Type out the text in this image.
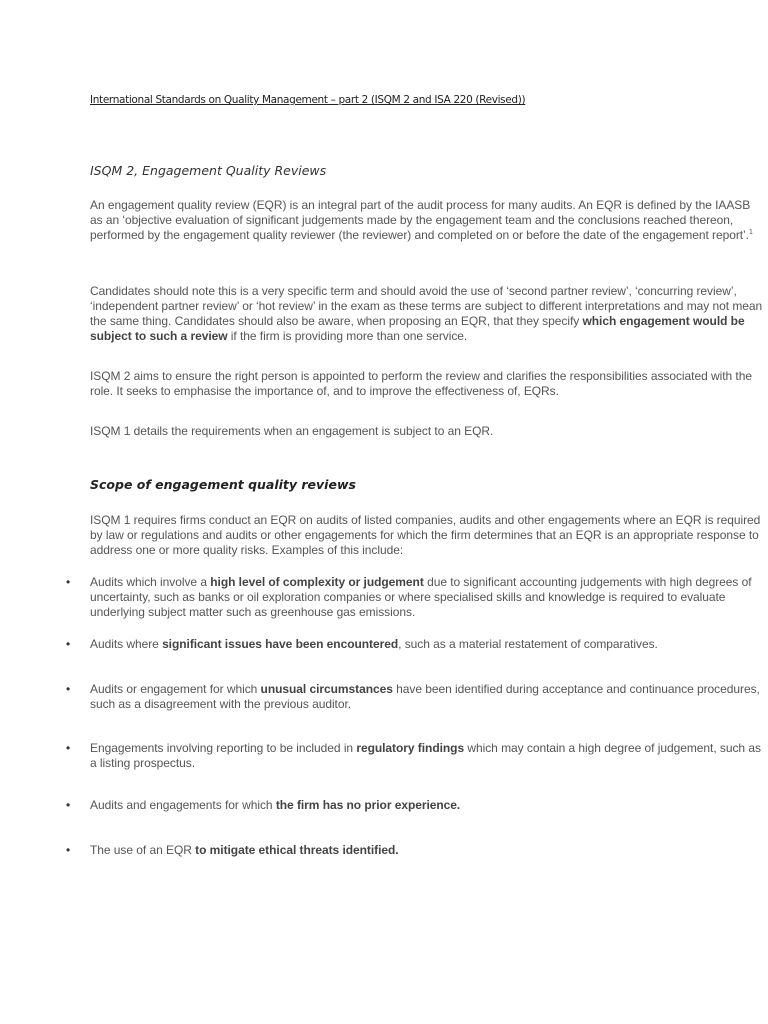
International Standards on Quality Management – part 2 (ISQM 2 and ISA 220 (Revised))
ISQM 2, Engagement Quality Reviews
An engagement quality review (EQR) is an integral part of the audit process for many audits. An EQR is defined by the IAASB as an ‘objective evaluation of significant judgements made by the engagement team and the conclusions reached thereon, performed by the engagement quality reviewer (the reviewer) and completed on or before the date of the engagement report’.$^1$
Candidates should note this is a very specific term and should avoid the use of ‘second partner review’, ‘concurring review’, ‘independent partner review’ or ‘hot review’ in the exam as these terms are subject to different interpretations and may not mean the same thing. Candidates should also be aware, when proposing an EQR, that they specify which engagement would be subject to such a review if the firm is providing more than one service.
ISQM 2 aims to ensure the right person is appointed to perform the review and clarifies the responsibilities associated with the role. It seeks to emphasise the importance of, and to improve the effectiveness of, EQRs.
ISQM 1 details the requirements when an engagement is subject to an EQR.
Scope of engagement quality reviews
ISQM 1 requires firms conduct an EQR on audits of listed companies, audits and other engagements where an EQR is required by law or regulations and audits or other engagements for which the firm determines that an EQR is an appropriate response to address one or more quality risks. Examples of this include:
• Audits which involve a high level of complexity or judgement due to significant accounting judgements with high degrees of uncertainty, such as banks or oil exploration companies or where specialised skills and knowledge is required to evaluate underlying subject matter such as greenhouse gas emissions.
• Audits where significant issues have been encountered, such as a material restatement of comparatives.
• Audits or engagement for which unusual circumstances have been identified during acceptance and continuance procedures, such as a disagreement with the previous auditor.
• Engagements involving reporting to be included in regulatory findings which may contain a high degree of judgement, such as a listing prospectus.
• Audits and engagements for which the firm has no prior experience.
• The use of an EQR to mitigate ethical threats identified.
